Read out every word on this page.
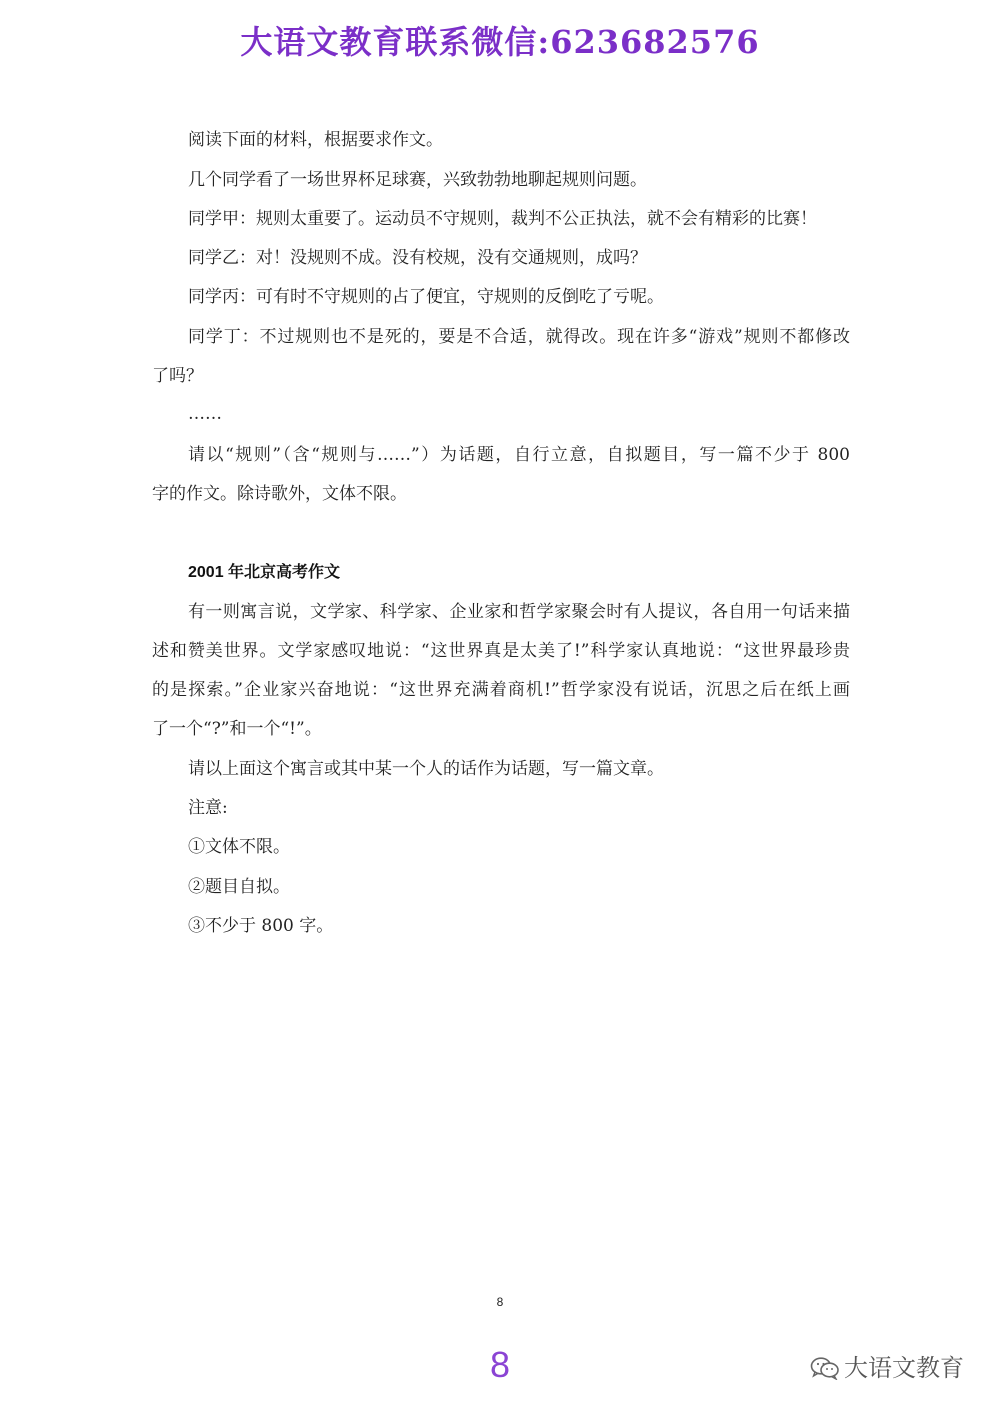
大语文教育联系微信:623682576
阅读下面的材料，根据要求作文。
几个同学看了一场世界杯足球赛，兴致勃勃地聊起规则问题。
同学甲：规则太重要了。运动员不守规则，裁判不公正执法，就不会有精彩的比赛！
同学乙：对！没规则不成。没有校规，没有交通规则，成吗？
同学丙：可有时不守规则的占了便宜，守规则的反倒吃了亏呢。
同学丁：不过规则也不是死的，要是不合适，就得改。现在许多“游戏”规则不都修改
了吗？
……
请以“规则”（含“规则与……”）为话题，自行立意，自拟题目，写一篇不少于 800
字的作文。除诗歌外，文体不限。
2001 年北京高考作文
有一则寓言说，文学家、科学家、企业家和哲学家聚会时有人提议，各自用一句话来描
述和赞美世界。文学家感叹地说：“这世界真是太美了!”科学家认真地说：“这世界最珍贵
的是探索。”企业家兴奋地说：“这世界充满着商机!”哲学家没有说话，沉思之后在纸上画
了一个“?”和一个“!”。
请以上面这个寓言或其中某一个人的话作为话题，写一篇文章。
注意:
①文体不限。
②题目自拟。
③不少于 800 字。
8
8	大语文教育
